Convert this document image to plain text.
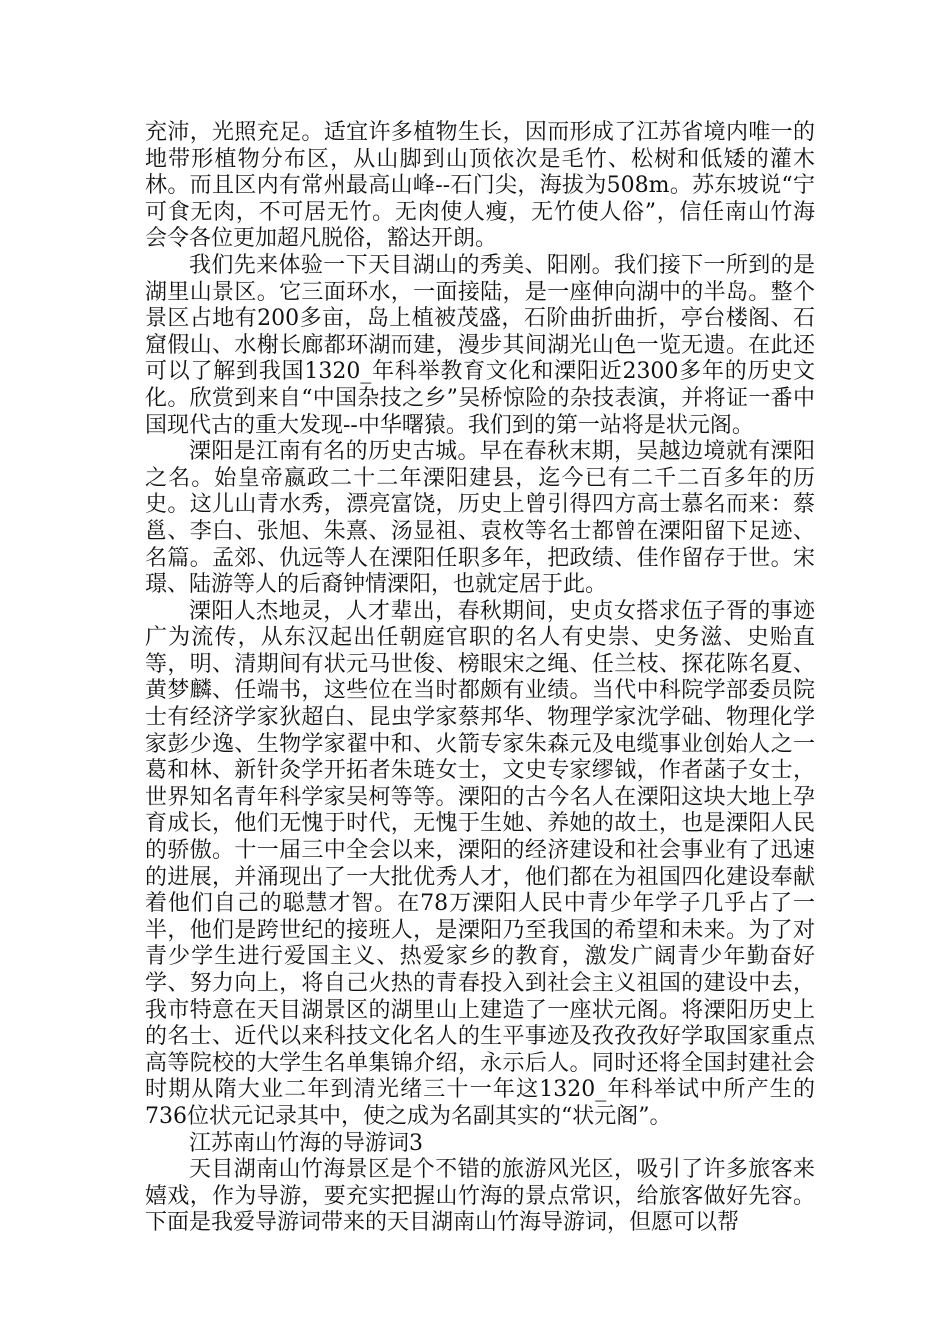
充沛，光照充足。适宜许多植物生长，因而形成了江苏省境内唯一的地带形植物分布区，从山脚到山顶依次是毛竹、松树和低矮的灌木林。而且区内有常州最高山峰--石门尖，海拔为508m。苏东坡说“宁可食无肉，不可居无竹。无肉使人瘦，无竹使人俗”，信任南山竹海会令各位更加超凡脱俗，豁达开朗。

我们先来体验一下天目湖山的秀美、阳刚。我们接下一所到的是湖里山景区。它三面环水，一面接陆，是一座伸向湖中的半岛。整个景区占地有200多亩，岛上植被茂盛，石阶曲折曲折，亭台楼阁、石窟假山、水榭长廊都环湖而建，漫步其间湖光山色一览无遗。在此还可以了解到我国1320_年科举教育文化和溧阳近2300多年的历史文化。欣赏到来自“中国杂技之乡”吴桥惊险的杂技表演，并将证一番中国现代古的重大发现--中华曙猿。我们到的第一站将是状元阁。

溧阳是江南有名的历史古城。早在春秋末期，吴越边境就有溧阳之名。始皇帝嬴政二十二年溧阳建县，迄今已有二千二百多年的历史。这儿山青水秀，漂亮富饶，历史上曾引得四方高士慕名而来：蔡邕、李白、张旭、朱熹、汤显祖、袁枚等名士都曾在溧阳留下足迹、名篇。孟郊、仇远等人在溧阳任职多年，把政绩、佳作留存于世。宋璟、陆游等人的后裔钟情溧阳，也就定居于此。

溧阳人杰地灵，人才辈出，春秋期间，史贞女搭求伍子胥的事迹广为流传，从东汉起出任朝庭官职的名人有史崇、史务滋、史贻直等，明、清期间有状元马世俊、榜眼宋之绳、任兰枝、探花陈名夏、黄梦麟、任端书，这些位在当时都颇有业绩。当代中科院学部委员院士有经济学家狄超白、昆虫学家蔡邦华、物理学家沈学础、物理化学家彭少逸、生物学家翟中和、火箭专家朱森元及电缆事业创始人之一葛和林、新针灸学开拓者朱琏女士，文史专家缪钺，作者菡子女士，世界知名青年科学家吴柯等等。溧阳的古今名人在溧阳这块大地上孕育成长，他们无愧于时代，无愧于生她、养她的故土，也是溧阳人民的骄傲。十一届三中全会以来，溧阳的经济建设和社会事业有了迅速的进展，并涌现出了一大批优秀人才，他们都在为祖国四化建设奉献着他们自己的聪慧才智。在78万溧阳人民中青少年学子几乎占了一半，他们是跨世纪的接班人，是溧阳乃至我国的希望和未来。为了对青少学生进行爱国主义、热爱家乡的教育，激发广阔青少年勤奋好学、努力向上，将自己火热的青春投入到社会主义祖国的建设中去，我市特意在天目湖景区的湖里山上建造了一座状元阁。将溧阳历史上的名士、近代以来科技文化名人的生平事迹及孜孜孜好学取国家重点高等院校的大学生名单集锦介绍，永示后人。同时还将全国封建社会时期从隋大业二年到清光绪三十一年这1320_年科举试中所产生的736位状元记录其中，使之成为名副其实的“状元阁”。

江苏南山竹海的导游词3

天目湖南山竹海景区是个不错的旅游风光区，吸引了许多旅客来嬉戏，作为导游，要充实把握山竹海的景点常识，给旅客做好先容。下面是我爱导游词带来的天目湖南山竹海导游词，但愿可以帮
